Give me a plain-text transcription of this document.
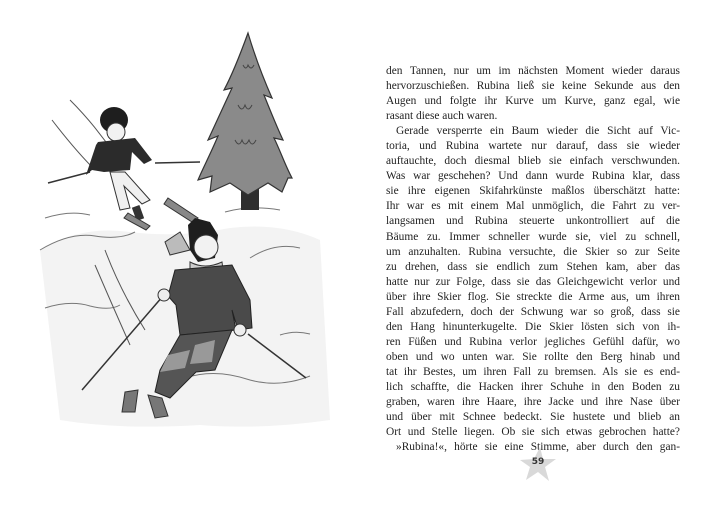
den Tannen, nur um im nächsten Moment wieder daraus
hervorzuschießen. Rubina ließ sie keine Sekunde aus den
Augen und folgte ihr Kurve um Kurve, ganz egal, wie
rasant diese auch waren.
Gerade versperrte ein Baum wieder die Sicht auf Vic-
toria, und Rubina wartete nur darauf, dass sie wieder
auftauchte, doch diesmal blieb sie einfach verschwunden.
Was war geschehen? Und dann wurde Rubina klar, dass
sie ihre eigenen Skifahrkünste maßlos überschätzt hatte:
Ihr war es mit einem Mal unmöglich, die Fahrt zu ver-
langsamen und Rubina steuerte unkontrolliert auf die
Bäume zu. Immer schneller wurde sie, viel zu schnell,
um anzuhalten. Rubina versuchte, die Skier so zur Seite
zu drehen, dass sie endlich zum Stehen kam, aber das
hatte nur zur Folge, dass sie das Gleichgewicht verlor und
über ihre Skier flog. Sie streckte die Arme aus, um ihren
Fall abzufedern, doch der Schwung war so groß, dass sie
den Hang hinunterkugelte. Die Skier lösten sich von ih-
ren Füßen und Rubina verlor jegliches Gefühl dafür, wo
oben und wo unten war. Sie rollte den Berg hinab und
tat ihr Bestes, um ihren Fall zu bremsen. Als sie es end-
lich schaffte, die Hacken ihrer Schuhe in den Boden zu
graben, waren ihre Haare, ihre Jacke und ihre Nase über
und über mit Schnee bedeckt. Sie hustete und blieb an
Ort und Stelle liegen. Ob sie sich etwas gebrochen hatte?
»Rubina!«, hörte sie eine Stimme, aber durch den gan-
59
